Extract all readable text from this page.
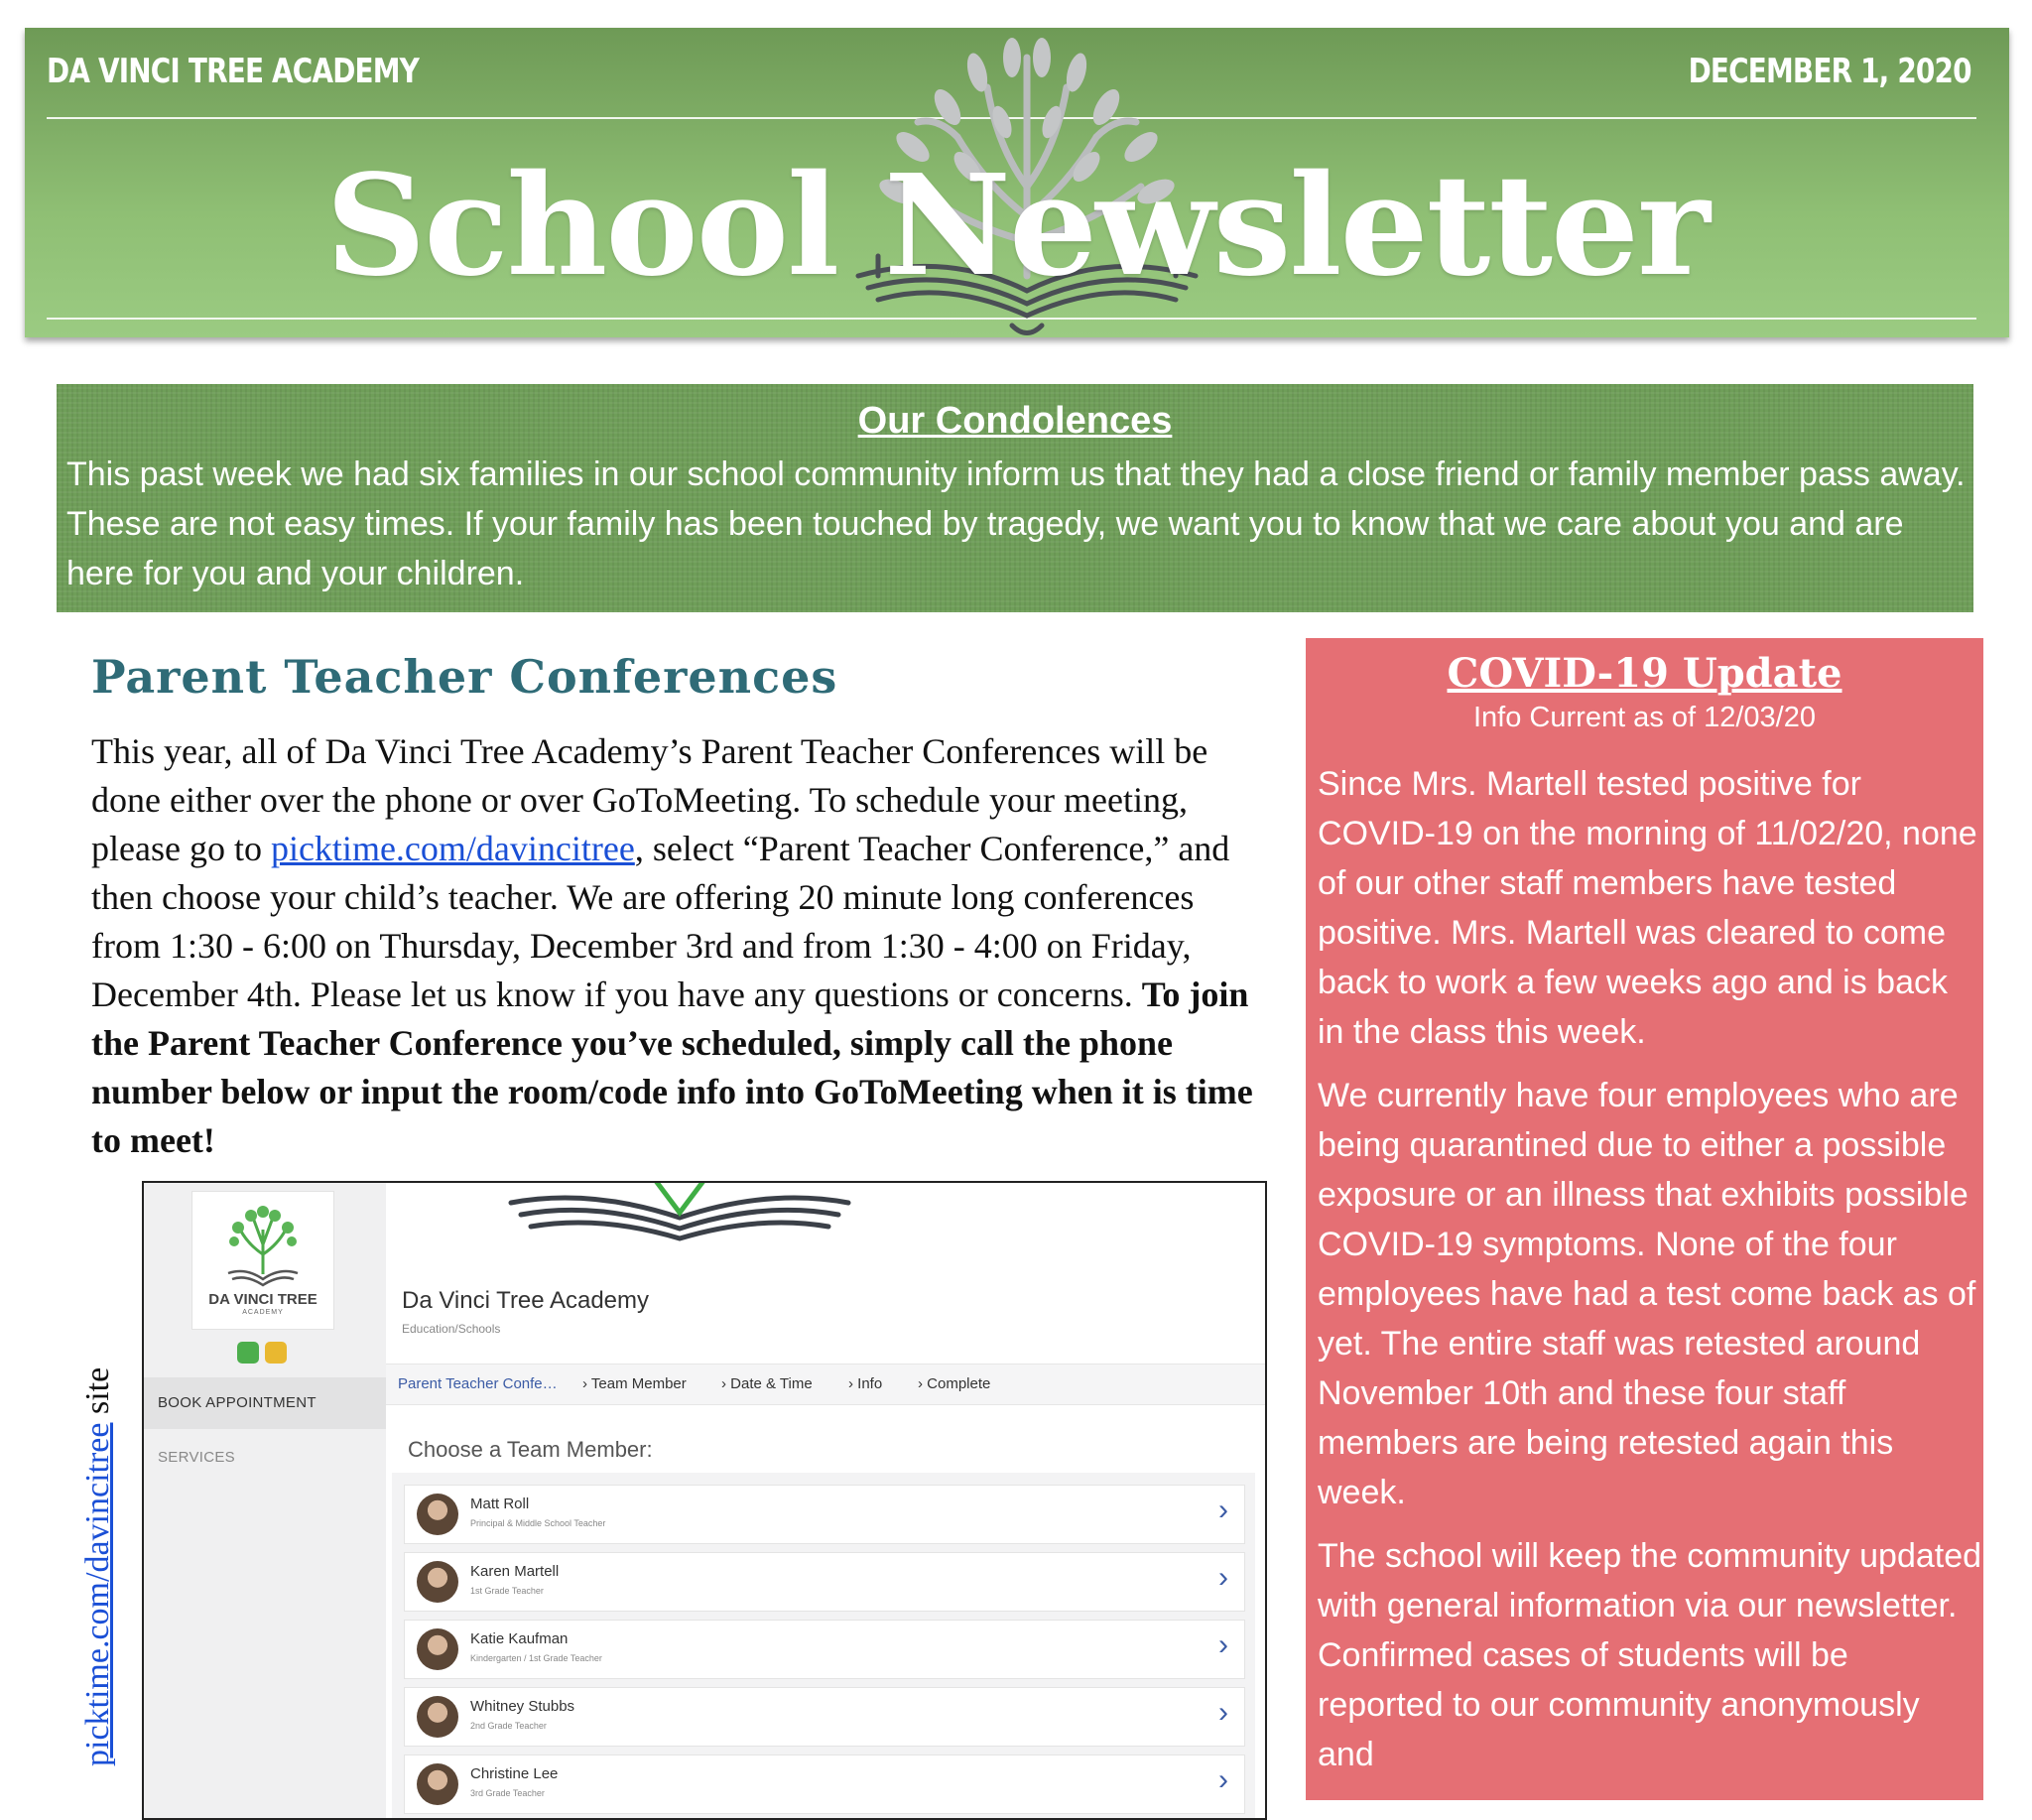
DA VINCI TREE ACADEMY	DECEMBER 1, 2020
School Newsletter
Our Condolences
This past week we had six families in our school community inform us that they had a close friend or family member pass away. These are not easy times. If your family has been touched by tragedy, we want you to know that we care about you and are here for you and your children.
Parent Teacher Conferences
This year, all of Da Vinci Tree Academy’s Parent Teacher Conferences will be done either over the phone or over GoToMeeting. To schedule your meeting, please go to picktime.com/davincitree, select “Parent Teacher Conference,” and then choose your child’s teacher. We are offering 20 minute long conferences from 1:30 - 6:00 on Thursday, December 3rd and from 1:30 - 4:00 on Friday, December 4th. Please let us know if you have any questions or concerns. To join the Parent Teacher Conference you’ve scheduled, simply call the phone number below or input the room/code info into GoToMeeting when it is time to meet!
picktime.com/davincitree site
DA VINCI TREE
ACADEMY
BOOK APPOINTMENT
SERVICES
Da Vinci Tree Academy
Education/Schools
Parent Teacher Confe… › Team Member › Date & Time › Info › Complete
Choose a Team Member:
Matt Roll
Principal & Middle School Teacher	›
Karen Martell
1st Grade Teacher	›
Katie Kaufman
Kindergarten / 1st Grade Teacher	›
Whitney Stubbs
2nd Grade Teacher	›
Christine Lee
3rd Grade Teacher	›
COVID-19 Update
Info Current as of 12/03/20

Since Mrs. Martell tested positive for COVID-19 on the morning of 11/02/20, none of our other staff members have tested positive. Mrs. Martell was cleared to come back to work a few weeks ago and is back in the class this week.

We currently have four employees who are being quarantined due to either a possible exposure or an illness that exhibits possible COVID-19 symptoms. None of the four employees have had a test come back as of yet. The entire staff was retested around November 10th and these four staff members are being retested again this week.

The school will keep the community updated with general information via our newsletter. Confirmed cases of students will be reported to our community anonymously and
